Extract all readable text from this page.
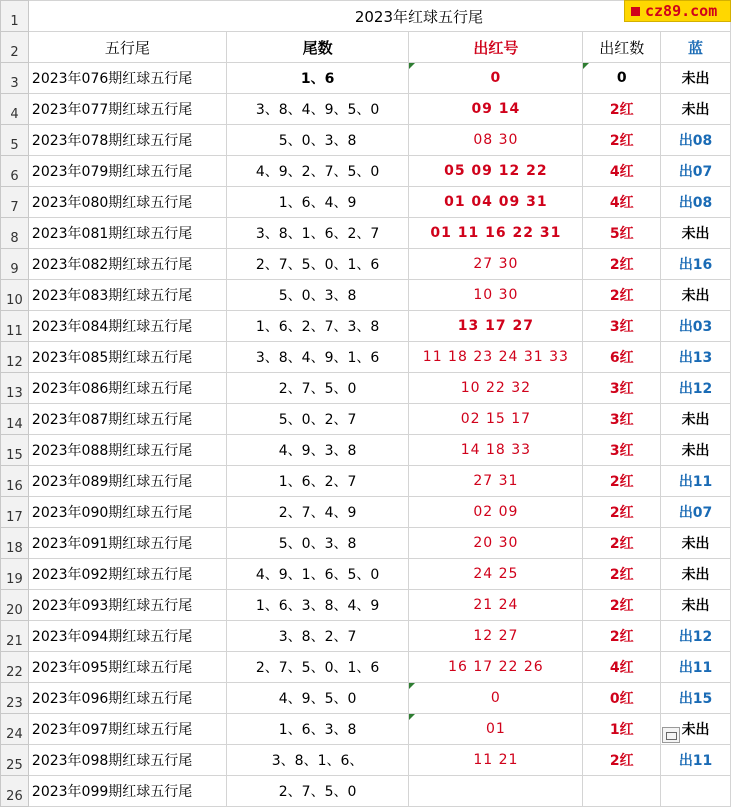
1	2023年红球五行尾				
2	五行尾	尾数	出红号	出红数	蓝
3	2023年076期红球五行尾	1、6	0	0	未出
4	2023年077期红球五行尾	3、8、4、9、5、0	09 14	2红	未出
5	2023年078期红球五行尾	5、0、3、8	08 30	2红	出08
6	2023年079期红球五行尾	4、9、2、7、5、0	05 09 12 22	4红	出07
7	2023年080期红球五行尾	1、6、4、9	01 04 09 31	4红	出08
8	2023年081期红球五行尾	3、8、1、6、2、7	01 11 16 22 31	5红	未出
9	2023年082期红球五行尾	2、7、5、0、1、6	27 30	2红	出16
10	2023年083期红球五行尾	5、0、3、8	10 30	2红	未出
11	2023年084期红球五行尾	1、6、2、7、3、8	13 17 27	3红	出03
12	2023年085期红球五行尾	3、8、4、9、1、6	11 18 23 24 31 33	6红	出13
13	2023年086期红球五行尾	2、7、5、0	10 22 32	3红	出12
14	2023年087期红球五行尾	5、0、2、7	02 15 17	3红	未出
15	2023年088期红球五行尾	4、9、3、8	14 18 33	3红	未出
16	2023年089期红球五行尾	1、6、2、7	27 31	2红	出11
17	2023年090期红球五行尾	2、7、4、9	02 09	2红	出07
18	2023年091期红球五行尾	5、0、3、8	20 30	2红	未出
19	2023年092期红球五行尾	4、9、1、6、5、0	24 25	2红	未出
20	2023年093期红球五行尾	1、6、3、8、4、9	21 24	2红	未出
21	2023年094期红球五行尾	3、8、2、7	12 27	2红	出12
22	2023年095期红球五行尾	2、7、5、0、1、6	16 17 22 26	4红	出11
23	2023年096期红球五行尾	4、9、5、0	0	0红	出15
24	2023年097期红球五行尾	1、6、3、8	01	1红	未出
25	2023年098期红球五行尾	3、8、1、6、	11 21	2红	出11
26	2023年099期红球五行尾	2、7、5、0			
cz89.com
